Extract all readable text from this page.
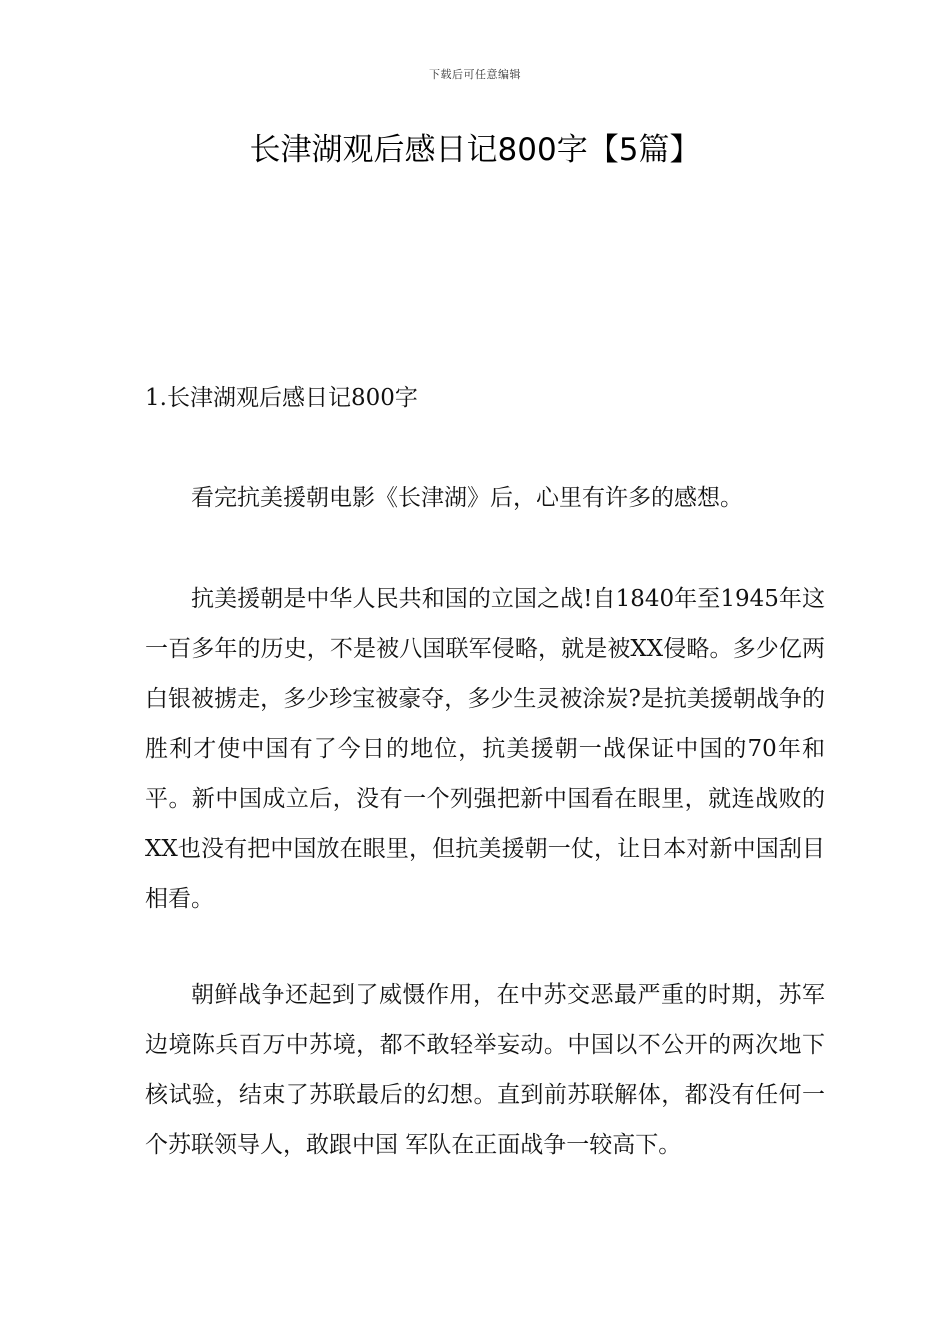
下载后可任意编辑
长津湖观后感日记800字【5篇】
1.长津湖观后感日记800字

看完抗美援朝电影《长津湖》后，心里有许多的感想。

抗美援朝是中华人民共和国的立国之战!自1840年至1945年这一百多年的历史，不是被八国联军侵略，就是被XX侵略。多少亿两白银被掳走，多少珍宝被豪夺，多少生灵被涂炭?是抗美援朝战争的胜利才使中国有了今日的地位，抗美援朝一战保证中国的70年和平。新中国成立后，没有一个列强把新中国看在眼里，就连战败的XX也没有把中国放在眼里，但抗美援朝一仗，让日本对新中国刮目相看。

朝鲜战争还起到了威慑作用，在中苏交恶最严重的时期，苏军边境陈兵百万中苏境，都不敢轻举妄动。中国以不公开的两次地下核试验，结束了苏联最后的幻想。直到前苏联解体，都没有任何一个苏联领导人，敢跟中国 军队在正面战争一较高下。
